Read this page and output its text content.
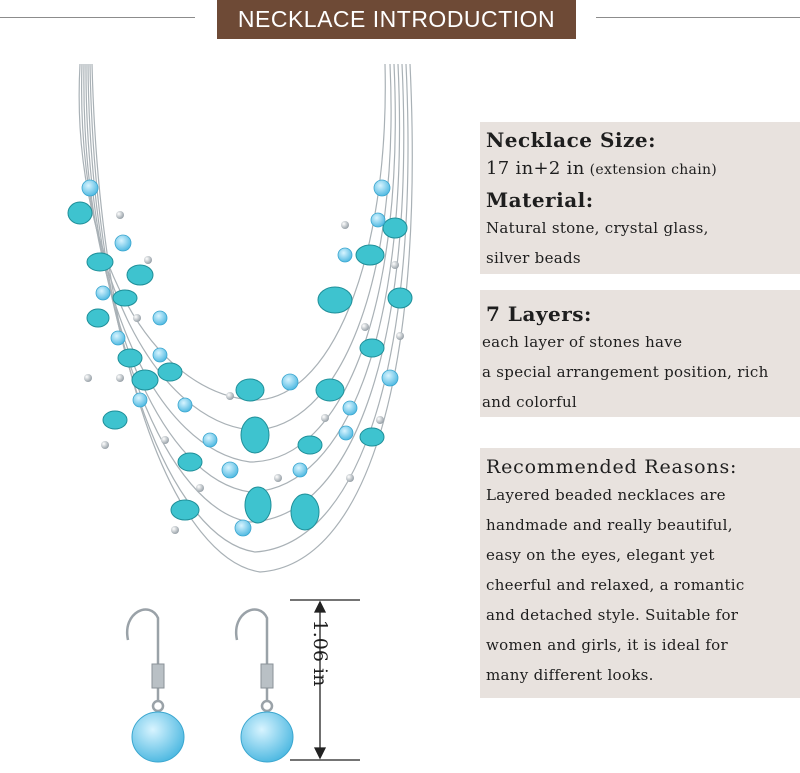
NECKLACE INTRODUCTION
1.06 in
Necklace Size:
17 in+2 in (extension chain)
Material:
Natural stone, crystal glass,
silver beads
7 Layers:
each layer of stones have
a special arrangement position, rich
and colorful
Recommended Reasons:
Layered beaded necklaces are
handmade and really beautiful,
easy on the eyes, elegant yet
cheerful and relaxed, a romantic
and detached style. Suitable for
women and girls, it is ideal for
many different looks.
